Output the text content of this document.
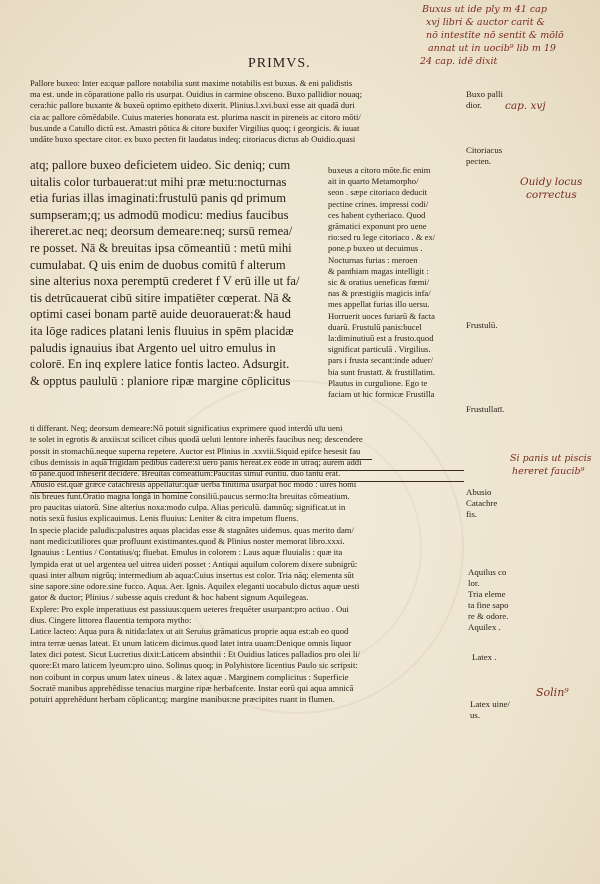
Buxus ut ide ply m 41 cap
xvj libri & auctor carit &
nō intestīte nō sentit & mōlō
annat ut in uocib⁹ lib m 19
24 cap. idē dixit
PRIMVS.
Pallore buxeo: Inter ea:quæ pallore notabilia sunt maxime notabilis est buxus. & eni palidistis
ma est. unde in cōparatione pallo ris usurpat. Ouidius in carmine obsceno. Buxo pallidior nouaq;
cera:hic pallore buxante & buxeū optimo epitheto dixerit. Plinius.l.xvi.buxi esse ait quadā duri
cia ac pallore cōmēdabile. Cuius materies honorata est. plurima nascit in pireneis ac citoro mōti/
bus.unde a Catullo dictū est. Amastri pōtica & citore buxifer Virgilius quoq; i georgicis. & iuuat
undāte buxo spectare citor. ex buxo pecten fit laudatus indeq; citoriacus dictus ab Ouidio.quasi
atq; pallore buxeo deficietem uideo. Sic deniq; cum
uitalis color turbauerat:ut mihi præ metu:nocturnas
etia furias illas imaginati:frustulū panis qd primum
sumpseram;q; us admodū modicu: medius faucibus
ihereret.ac neq; deorsum demeare:neq; sursū remea/
re posset. Nā & breuitas ipsa cōmeantiū : metū mihi
cumulabat. Q uis enim de duobus comitū f alterum
sine alterius noxa peremptū crederet f V erū ille ut fa/
tis detrūcauerat cibū sitire impatiēter cœperat. Nā &
optimi casei bonam partē auide deuorauerat:& haud
ita lōge radices platani lenis fluuius in spēm placidæ
paludis ignauius ibat Argento uel uitro emulus in
colorē. En inq explere latice fontis lacteo. Adsurgit.
& opptus paululū : planiore ripæ margine cōplicitus
buxeus a citoro mōte.fic enim
ait in quarto Metamorpho/
seon . sæpe citoriaco deducit
pectine crines. impressi codi/
ces habent cytheriaco. Quod
grāmatici exponunt pro uene
rio:sed ru lege citoriaco . & ex/
pone.p buxeo ut decuimus .
Nocturnas furias : meroen
& panthiam magas intelligit :
sic & oratius ueneficas fœmi/
nas & præstigiis magicis infa/
mes appellat furias illo uersu.
Horruerit uoces furiarū & facta
duarū. Frustulū panis:bucel
la:diminutiuū est a frusto.quod
significat particulā . Virgilius.
pars i frusta secant:inde aduer/
bia sunt frustatī. & frustillatim.
Plautus in curgulione. Ego te
faciam ut hic formicæ Frustilla
ti differant. Neq; deorsum demeare:Nō potuit significatius exprimere quod interdū uīu ueni
te solet in egrotis & anxiis:ut scilicet cibus quodā ueluti lentore inherēs faucibus neq; descendere
possit in stomachū.neque superna repetere. Auctor est Plinius in .xxviii.Siquid epifce hesesit fau
cibus demissis in aquā frigidam pedibus cadere:si uero panis hereat.ex eode in utraq; aurem addi
to pane.quod inhesērit decidere. Breuitas cōmeatium:Paucitas simul euntiū. duo tantū erāt.
Abusio est.quæ græce catachresis appellatur:quæ uerba finitima usurpat hoc modo : uires homi
nis breues funt.Oratio magna longā in homine consiliū.paucus sermo:Ita breuitas cōmeatium.
pro paucitas uiatorū. Sine alterius noxa:modo culpa. Alias periculū. damnūq; significat.ut in
notis sexū fusius explicauimus. Lenis fluuius: Leniter & citra impetum fluens.
In specie placide paludis:palustres aquas placidas esse & stagnātes uidemus. quas merito dam/
nant medici:utiliores quæ profluunt existimantes.quod & Plinius noster memorat libro.xxxi.
Ignauius : Lentius / Contatius/q; fluebat. Emulus in colorem : Laus aquæ fluuialis : quæ ita
lympida erat ut uel argentea uel uitrea uideri posset : Antiqui aquilum colorem dixere subnigrū:
quasi inter album nigrūq; intermedium ab aqua:Cuius insertus est color. Tria nāq; elementa sūt
sine sapore.sine odore.sine fucco. Aqua. Aer. Ignis. Aquilex eleganti uocabulo dictus aquæ uesti
gator & ductor; Plinius / subesse aquis credunt & hoc habent signum Aquilegeas.
Explere: Pro exple imperatiuus est passiuus:quem ueteres frequēter usurpant:pro actiuo . Oui
dius. Cingere littorea flauentia tempora mytho:
Latice lacteo: Aqua pura & nitida:latex ut ait Seruius grāmaticus proprie aqua est:ab eo quod
intra terræ uenas lateat. Et unum laticem dicimus.quod latet intra uuam:Denique omnis liquor
latex dici potest. Sicut Lucretius dixit:Laticem absinthii : Et Ouidius latices palladios pro olei li/
quore:Et maro laticem lyeum:pro uino. Solinus quoq; in Polyhistore licentius Paulo sic scripsit:
non coibunt in corpus unum latex uineus . & latex aquæ . Marginem complicitus : Superficie
Socratē manibus apprehēdisse tenacius margine ripæ herbafcente. Instar eorū qui aqua amnicā
potuiri apprehēdunt herbam cōplicant;q; margine manibus:ne præcipites ruant in flumen.
Buxo palli
dior.
Citoriacus
pecten.
Frustulū.
Frustullatī.
Abusio
Catachre
fis.
Aquilus co
lor.
Tria eleme
ta fine sapo
re & odore.
Aquilex .
Latex .
Latex uine/
us.
cap. xvj
Ouidy locus
correctus
Si panis ut piscis
hereret faucib⁹
Solin⁹
